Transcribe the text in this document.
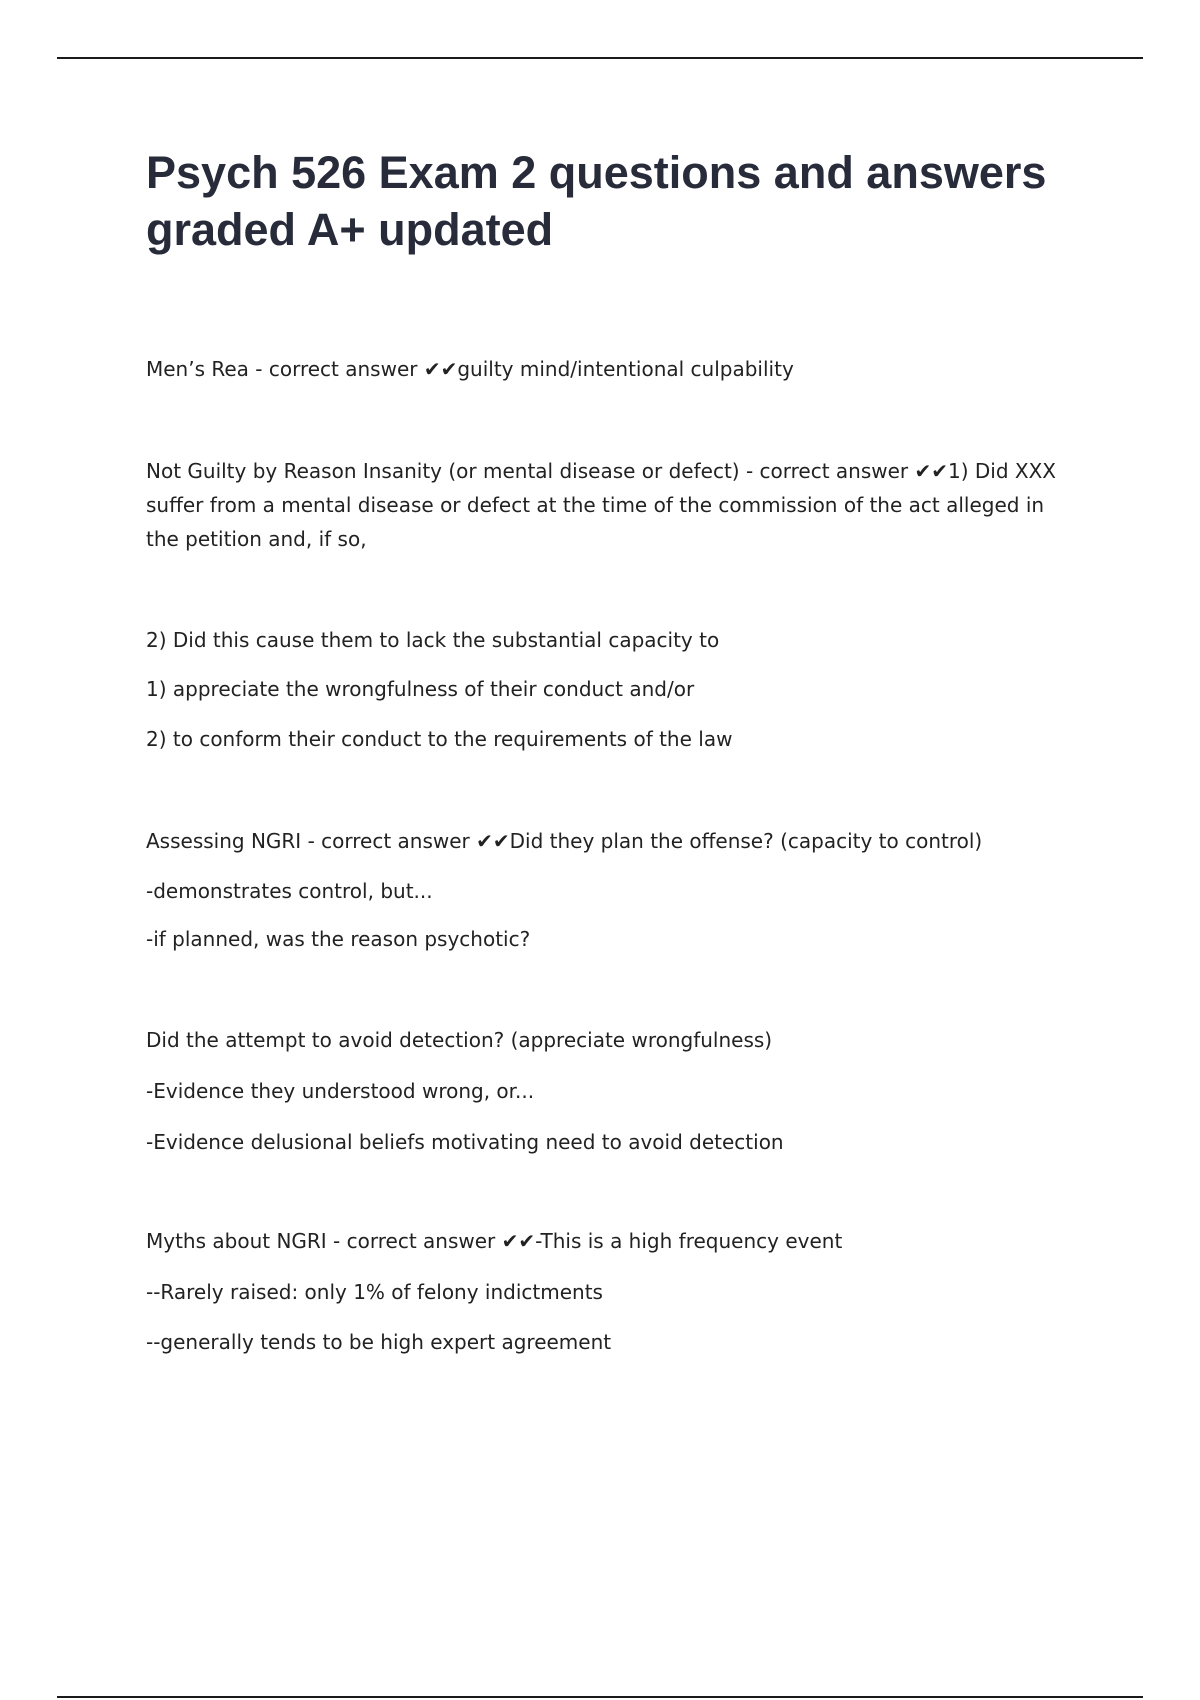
Psych 526 Exam 2 questions and answers graded A+ updated

Men’s Rea - correct answer ✔✔guilty mind/intentional culpability

Not Guilty by Reason Insanity (or mental disease or defect) - correct answer ✔✔1) Did XXX suffer from a mental disease or defect at the time of the commission of the act alleged in the petition and, if so,

2) Did this cause them to lack the substantial capacity to

1) appreciate the wrongfulness of their conduct and/or

2) to conform their conduct to the requirements of the law

Assessing NGRI - correct answer ✔✔Did they plan the offense? (capacity to control)

-demonstrates control, but...

-if planned, was the reason psychotic?

Did the attempt to avoid detection? (appreciate wrongfulness)

-Evidence they understood wrong, or...

-Evidence delusional beliefs motivating need to avoid detection

Myths about NGRI - correct answer ✔✔-This is a high frequency event

--Rarely raised: only 1% of felony indictments

--generally tends to be high expert agreement
